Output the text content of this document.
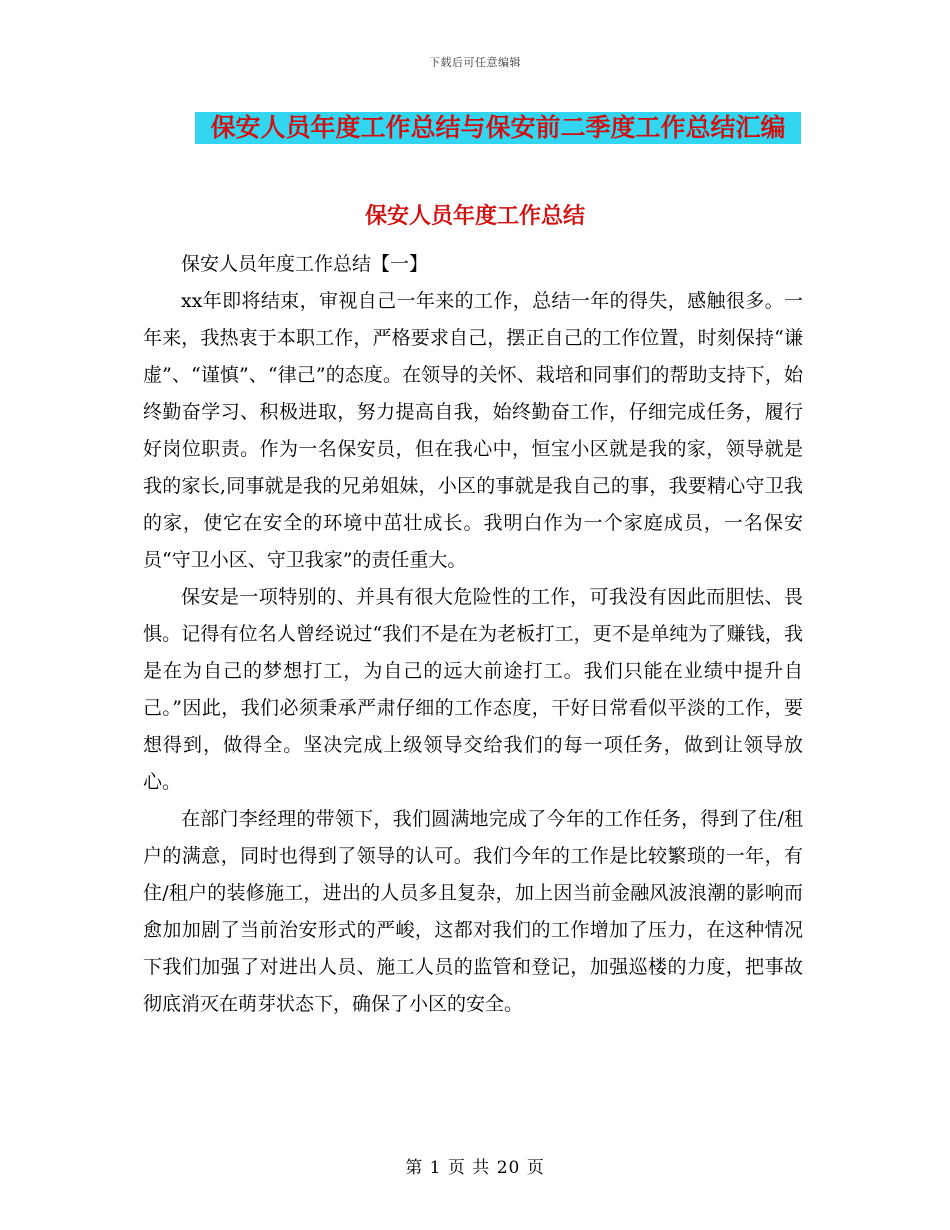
下载后可任意编辑
保安人员年度工作总结与保安前二季度工作总结汇编
保安人员年度工作总结

保安人员年度工作总结【一】

xx年即将结束，审视自己一年来的工作，总结一年的得失，感触很多。一年来，我热衷于本职工作，严格要求自己，摆正自己的工作位置，时刻保持“谦虚”、“谨慎”、“律己”的态度。在领导的关怀、栽培和同事们的帮助支持下，始终勤奋学习、积极进取，努力提高自我，始终勤奋工作，仔细完成任务，履行好岗位职责。作为一名保安员，但在我心中，恒宝小区就是我的家，领导就是我的家长,同事就是我的兄弟姐妹，小区的事就是我自己的事，我要精心守卫我的家，使它在安全的环境中茁壮成长。我明白作为一个家庭成员，一名保安员“守卫小区、守卫我家”的责任重大。

保安是一项特别的、并具有很大危险性的工作，可我没有因此而胆怯、畏惧。记得有位名人曾经说过“我们不是在为老板打工，更不是单纯为了赚钱，我是在为自己的梦想打工，为自己的远大前途打工。我们只能在业绩中提升自己。”因此，我们必须秉承严肃仔细的工作态度，干好日常看似平淡的工作，要想得到，做得全。坚决完成上级领导交给我们的每一项任务，做到让领导放心。

在部门李经理的带领下，我们圆满地完成了今年的工作任务，得到了住/租户的满意，同时也得到了领导的认可。我们今年的工作是比较繁琐的一年，有住/租户的装修施工，进出的人员多且复杂，加上因当前金融风波浪潮的影响而愈加加剧了当前治安形式的严峻，这都对我们的工作增加了压力，在这种情况下我们加强了对进出人员、施工人员的监管和登记，加强巡楼的力度，把事故彻底消灭在萌芽状态下，确保了小区的安全。

第 1 页 共 20 页
